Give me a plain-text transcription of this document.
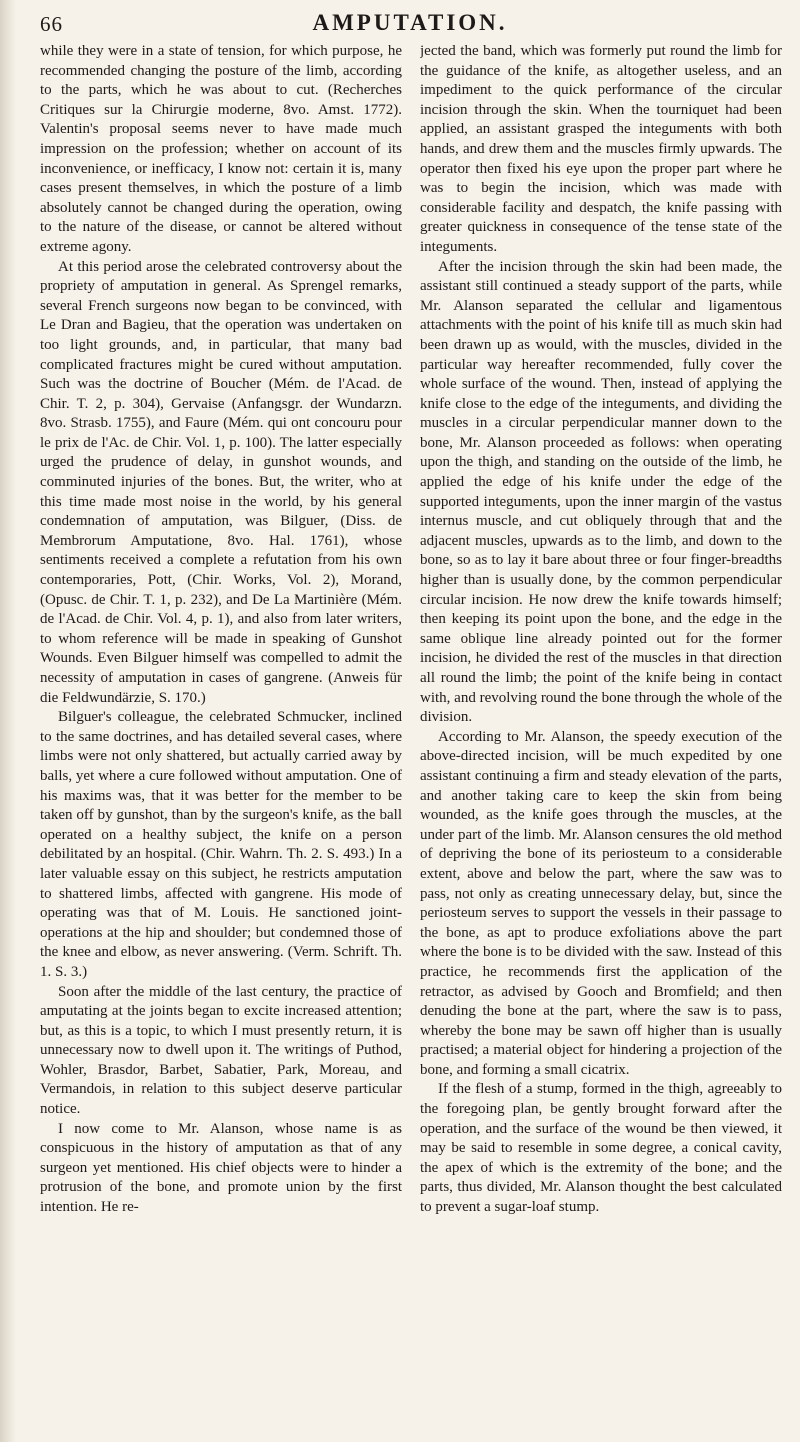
66	AMPUTATION.

while they were in a state of tension, for which purpose, he recommended changing the posture of the limb, according to the parts, which he was about to cut. (Recherches Critiques sur la Chirurgie moderne, 8vo. Amst. 1772). Valentin's proposal seems never to have made much impression on the profession; whether on account of its inconvenience, or inefficacy, I know not: certain it is, many cases present themselves, in which the posture of a limb absolutely cannot be changed during the operation, owing to the nature of the disease, or cannot be altered without extreme agony.

At this period arose the celebrated controversy about the propriety of amputation in general. As Sprengel remarks, several French surgeons now began to be convinced, with Le Dran and Bagieu, that the operation was undertaken on too light grounds, and, in particular, that many bad complicated fractures might be cured without amputation. Such was the doctrine of Boucher (Mém. de l'Acad. de Chir. T. 2, p. 304), Gervaise (Anfangsgr. der Wundarzn. 8vo. Strasb. 1755), and Faure (Mém. qui ont concouru pour le prix de l'Ac. de Chir. Vol. 1, p. 100). The latter especially urged the prudence of delay, in gunshot wounds, and comminuted injuries of the bones. But, the writer, who at this time made most noise in the world, by his general condemnation of amputation, was Bilguer, (Diss. de Membrorum Amputatione, 8vo. Hal. 1761), whose sentiments received a complete a refutation from his own contemporaries, Pott, (Chir. Works, Vol. 2), Morand, (Opusc. de Chir. T. 1, p. 232), and De La Martinière (Mém. de l'Acad. de Chir. Vol. 4, p. 1), and also from later writers, to whom reference will be made in speaking of Gunshot Wounds. Even Bilguer himself was compelled to admit the necessity of amputation in cases of gangrene. (Anweis für die Feldwundärzie, S. 170.)

Bilguer's colleague, the celebrated Schmucker, inclined to the same doctrines, and has detailed several cases, where limbs were not only shattered, but actually carried away by balls, yet where a cure followed without amputation. One of his maxims was, that it was better for the member to be taken off by gunshot, than by the surgeon's knife, as the ball operated on a healthy subject, the knife on a person debilitated by an hospital. (Chir. Wahrn. Th. 2. S. 493.) In a later valuable essay on this subject, he restricts amputation to shattered limbs, affected with gangrene. His mode of operating was that of M. Louis. He sanctioned joint-operations at the hip and shoulder; but condemned those of the knee and elbow, as never answering. (Verm. Schrift. Th. 1. S. 3.)

Soon after the middle of the last century, the practice of amputating at the joints began to excite increased attention; but, as this is a topic, to which I must presently return, it is unnecessary now to dwell upon it. The writings of Puthod, Wohler, Brasdor, Barbet, Sabatier, Park, Moreau, and Vermandois, in relation to this subject deserve particular notice.

I now come to Mr. Alanson, whose name is as conspicuous in the history of amputation as that of any surgeon yet mentioned. His chief objects were to hinder a protrusion of the bone, and promote union by the first intention. He re-

jected the band, which was formerly put round the limb for the guidance of the knife, as altogether useless, and an impediment to the quick performance of the circular incision through the skin. When the tourniquet had been applied, an assistant grasped the integuments with both hands, and drew them and the muscles firmly upwards. The operator then fixed his eye upon the proper part where he was to begin the incision, which was made with considerable facility and despatch, the knife passing with greater quickness in consequence of the tense state of the integuments.

After the incision through the skin had been made, the assistant still continued a steady support of the parts, while Mr. Alanson separated the cellular and ligamentous attachments with the point of his knife till as much skin had been drawn up as would, with the muscles, divided in the particular way hereafter recommended, fully cover the whole surface of the wound. Then, instead of applying the knife close to the edge of the integuments, and dividing the muscles in a circular perpendicular manner down to the bone, Mr. Alanson proceeded as follows: when operating upon the thigh, and standing on the outside of the limb, he applied the edge of his knife under the edge of the supported integuments, upon the inner margin of the vastus internus muscle, and cut obliquely through that and the adjacent muscles, upwards as to the limb, and down to the bone, so as to lay it bare about three or four finger-breadths higher than is usually done, by the common perpendicular circular incision. He now drew the knife towards himself; then keeping its point upon the bone, and the edge in the same oblique line already pointed out for the former incision, he divided the rest of the muscles in that direction all round the limb; the point of the knife being in contact with, and revolving round the bone through the whole of the division.

According to Mr. Alanson, the speedy execution of the above-directed incision, will be much expedited by one assistant continuing a firm and steady elevation of the parts, and another taking care to keep the skin from being wounded, as the knife goes through the muscles, at the under part of the limb. Mr. Alanson censures the old method of depriving the bone of its periosteum to a considerable extent, above and below the part, where the saw was to pass, not only as creating unnecessary delay, but, since the periosteum serves to support the vessels in their passage to the bone, as apt to produce exfoliations above the part where the bone is to be divided with the saw. Instead of this practice, he recommends first the application of the retractor, as advised by Gooch and Bromfield; and then denuding the bone at the part, where the saw is to pass, whereby the bone may be sawn off higher than is usually practised; a material object for hindering a projection of the bone, and forming a small cicatrix.

If the flesh of a stump, formed in the thigh, agreeably to the foregoing plan, be gently brought forward after the operation, and the surface of the wound be then viewed, it may be said to resemble in some degree, a conical cavity, the apex of which is the extremity of the bone; and the parts, thus divided, Mr. Alanson thought the best calculated to prevent a sugar-loaf stump.
